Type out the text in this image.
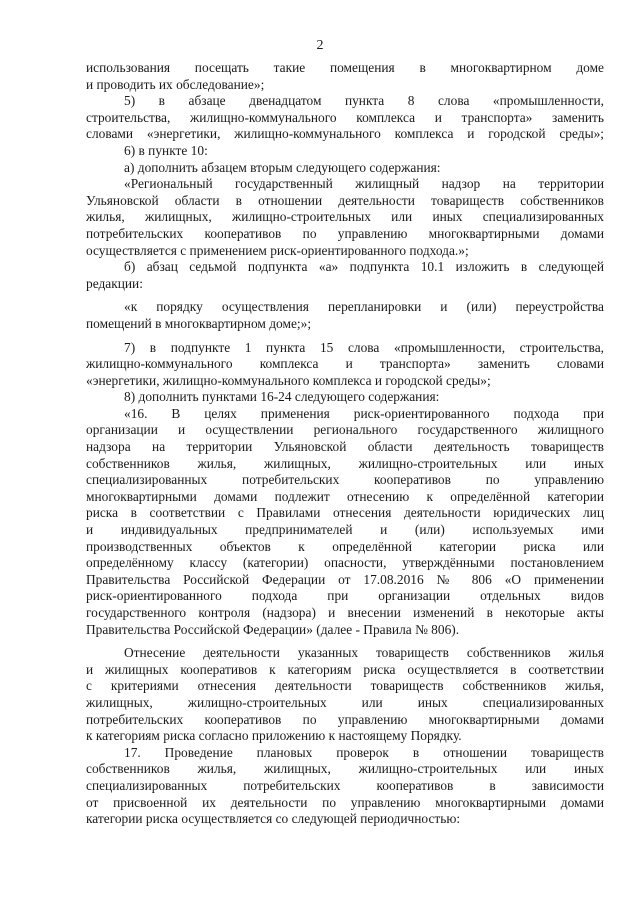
2
использования посещать такие помещения в многоквартирном доме
и проводить их обследование»;
5) в абзаце двенадцатом пункта 8 слова «промышленности,
строительства, жилищно-коммунального комплекса и транспорта» заменить
словами «энергетики, жилищно-коммунального комплекса и городской среды»;
6) в пункте 10:
а) дополнить абзацем вторым следующего содержания:
«Региональный государственный жилищный надзор на территории
Ульяновской области в отношении деятельности товариществ собственников
жилья, жилищных, жилищно-строительных или иных специализированных
потребительских кооперативов по управлению многоквартирными домами
осуществляется с применением риск-ориентированного подхода.»;
б) абзац седьмой подпункта «а» подпункта 10.1 изложить в следующей
редакции:
«к порядку осуществления перепланировки и (или) переустройства
помещений в многоквартирном доме;»;
7) в подпункте 1 пункта 15 слова «промышленности, строительства,
жилищно-коммунального комплекса и транспорта» заменить словами
«энергетики, жилищно-коммунального комплекса и городской среды»;
8) дополнить пунктами 16-24 следующего содержания:
«16. В целях применения риск-ориентированного подхода при
организации и осуществлении регионального государственного жилищного
надзора на территории Ульяновской области деятельность товариществ
собственников жилья, жилищных, жилищно-строительных или иных
специализированных потребительских кооперативов по управлению
многоквартирными домами подлежит отнесению к определённой категории
риска в соответствии с Правилами отнесения деятельности юридических лиц
и индивидуальных предпринимателей и (или) используемых ими
производственных объектов к определённой категории риска или
определённому классу (категории) опасности, утверждёнными постановлением
Правительства Российской Федерации от 17.08.2016 № 806 «О применении
риск-ориентированного подхода при организации отдельных видов
государственного контроля (надзора) и внесении изменений в некоторые акты
Правительства Российской Федерации» (далее - Правила № 806).
Отнесение деятельности указанных товариществ собственников жилья
и жилищных кооперативов к категориям риска осуществляется в соответствии
с критериями отнесения деятельности товариществ собственников жилья,
жилищных, жилищно-строительных или иных специализированных
потребительских кооперативов по управлению многоквартирными домами
к категориям риска согласно приложению к настоящему Порядку.
17. Проведение плановых проверок в отношении товариществ
собственников жилья, жилищных, жилищно-строительных или иных
специализированных потребительских кооперативов в зависимости
от присвоенной их деятельности по управлению многоквартирными домами
категории риска осуществляется со следующей периодичностью:
